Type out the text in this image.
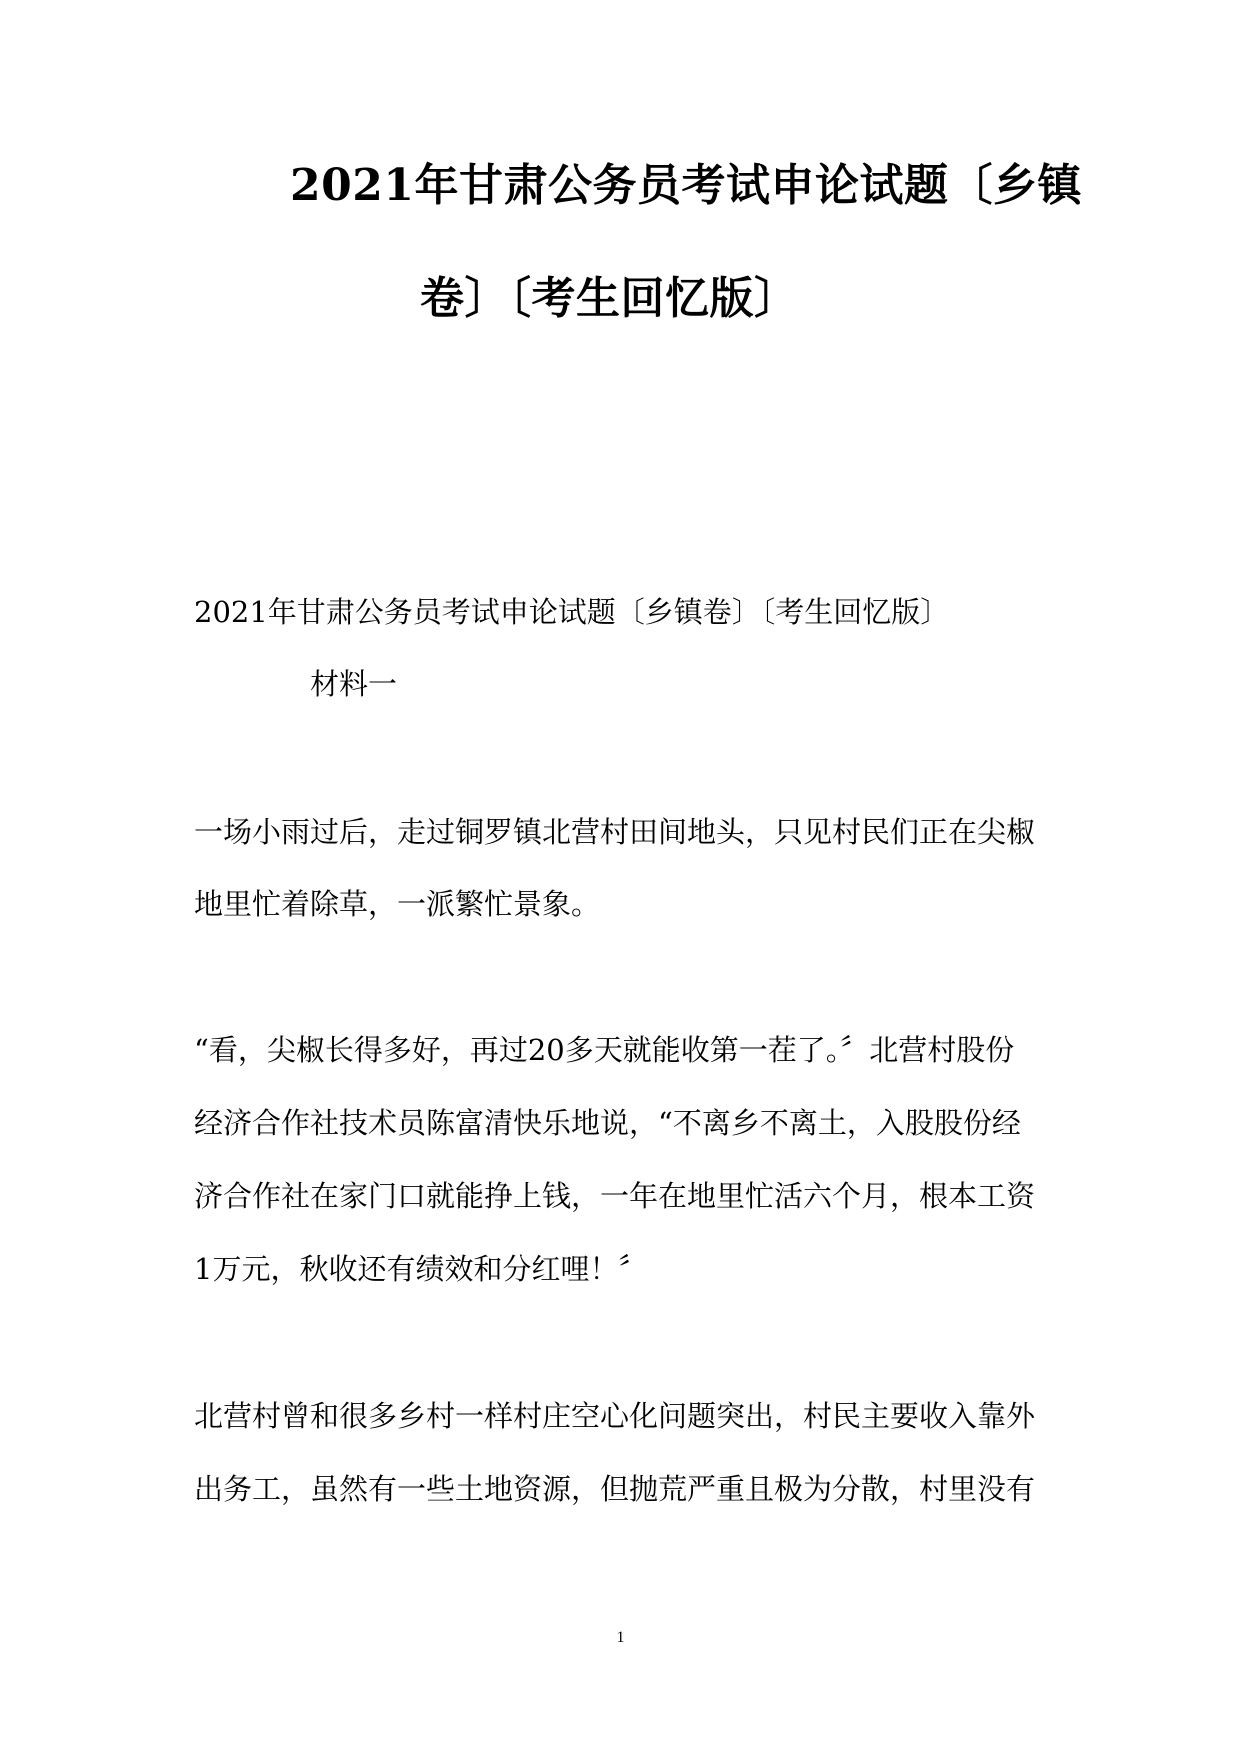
2021年甘肃公务员考试申论试题〔乡镇
卷〕〔考生回忆版〕

2021年甘肃公务员考试申论试题〔乡镇卷〕〔考生回忆版〕

材料一

一场小雨过后，走过铜罗镇北营村田间地头，只见村民们正在尖椒

地里忙着除草，一派繁忙景象。

“看，尖椒长得多好，再过20多天就能收第一茬了。〞北营村股份

经济合作社技术员陈富清快乐地说，“不离乡不离土，入股股份经

济合作社在家门口就能挣上钱，一年在地里忙活六个月，根本工资

1万元，秋收还有绩效和分红哩！〞

北营村曾和很多乡村一样村庄空心化问题突出，村民主要收入靠外

出务工，虽然有一些土地资源，但抛荒严重且极为分散，村里没有

1
